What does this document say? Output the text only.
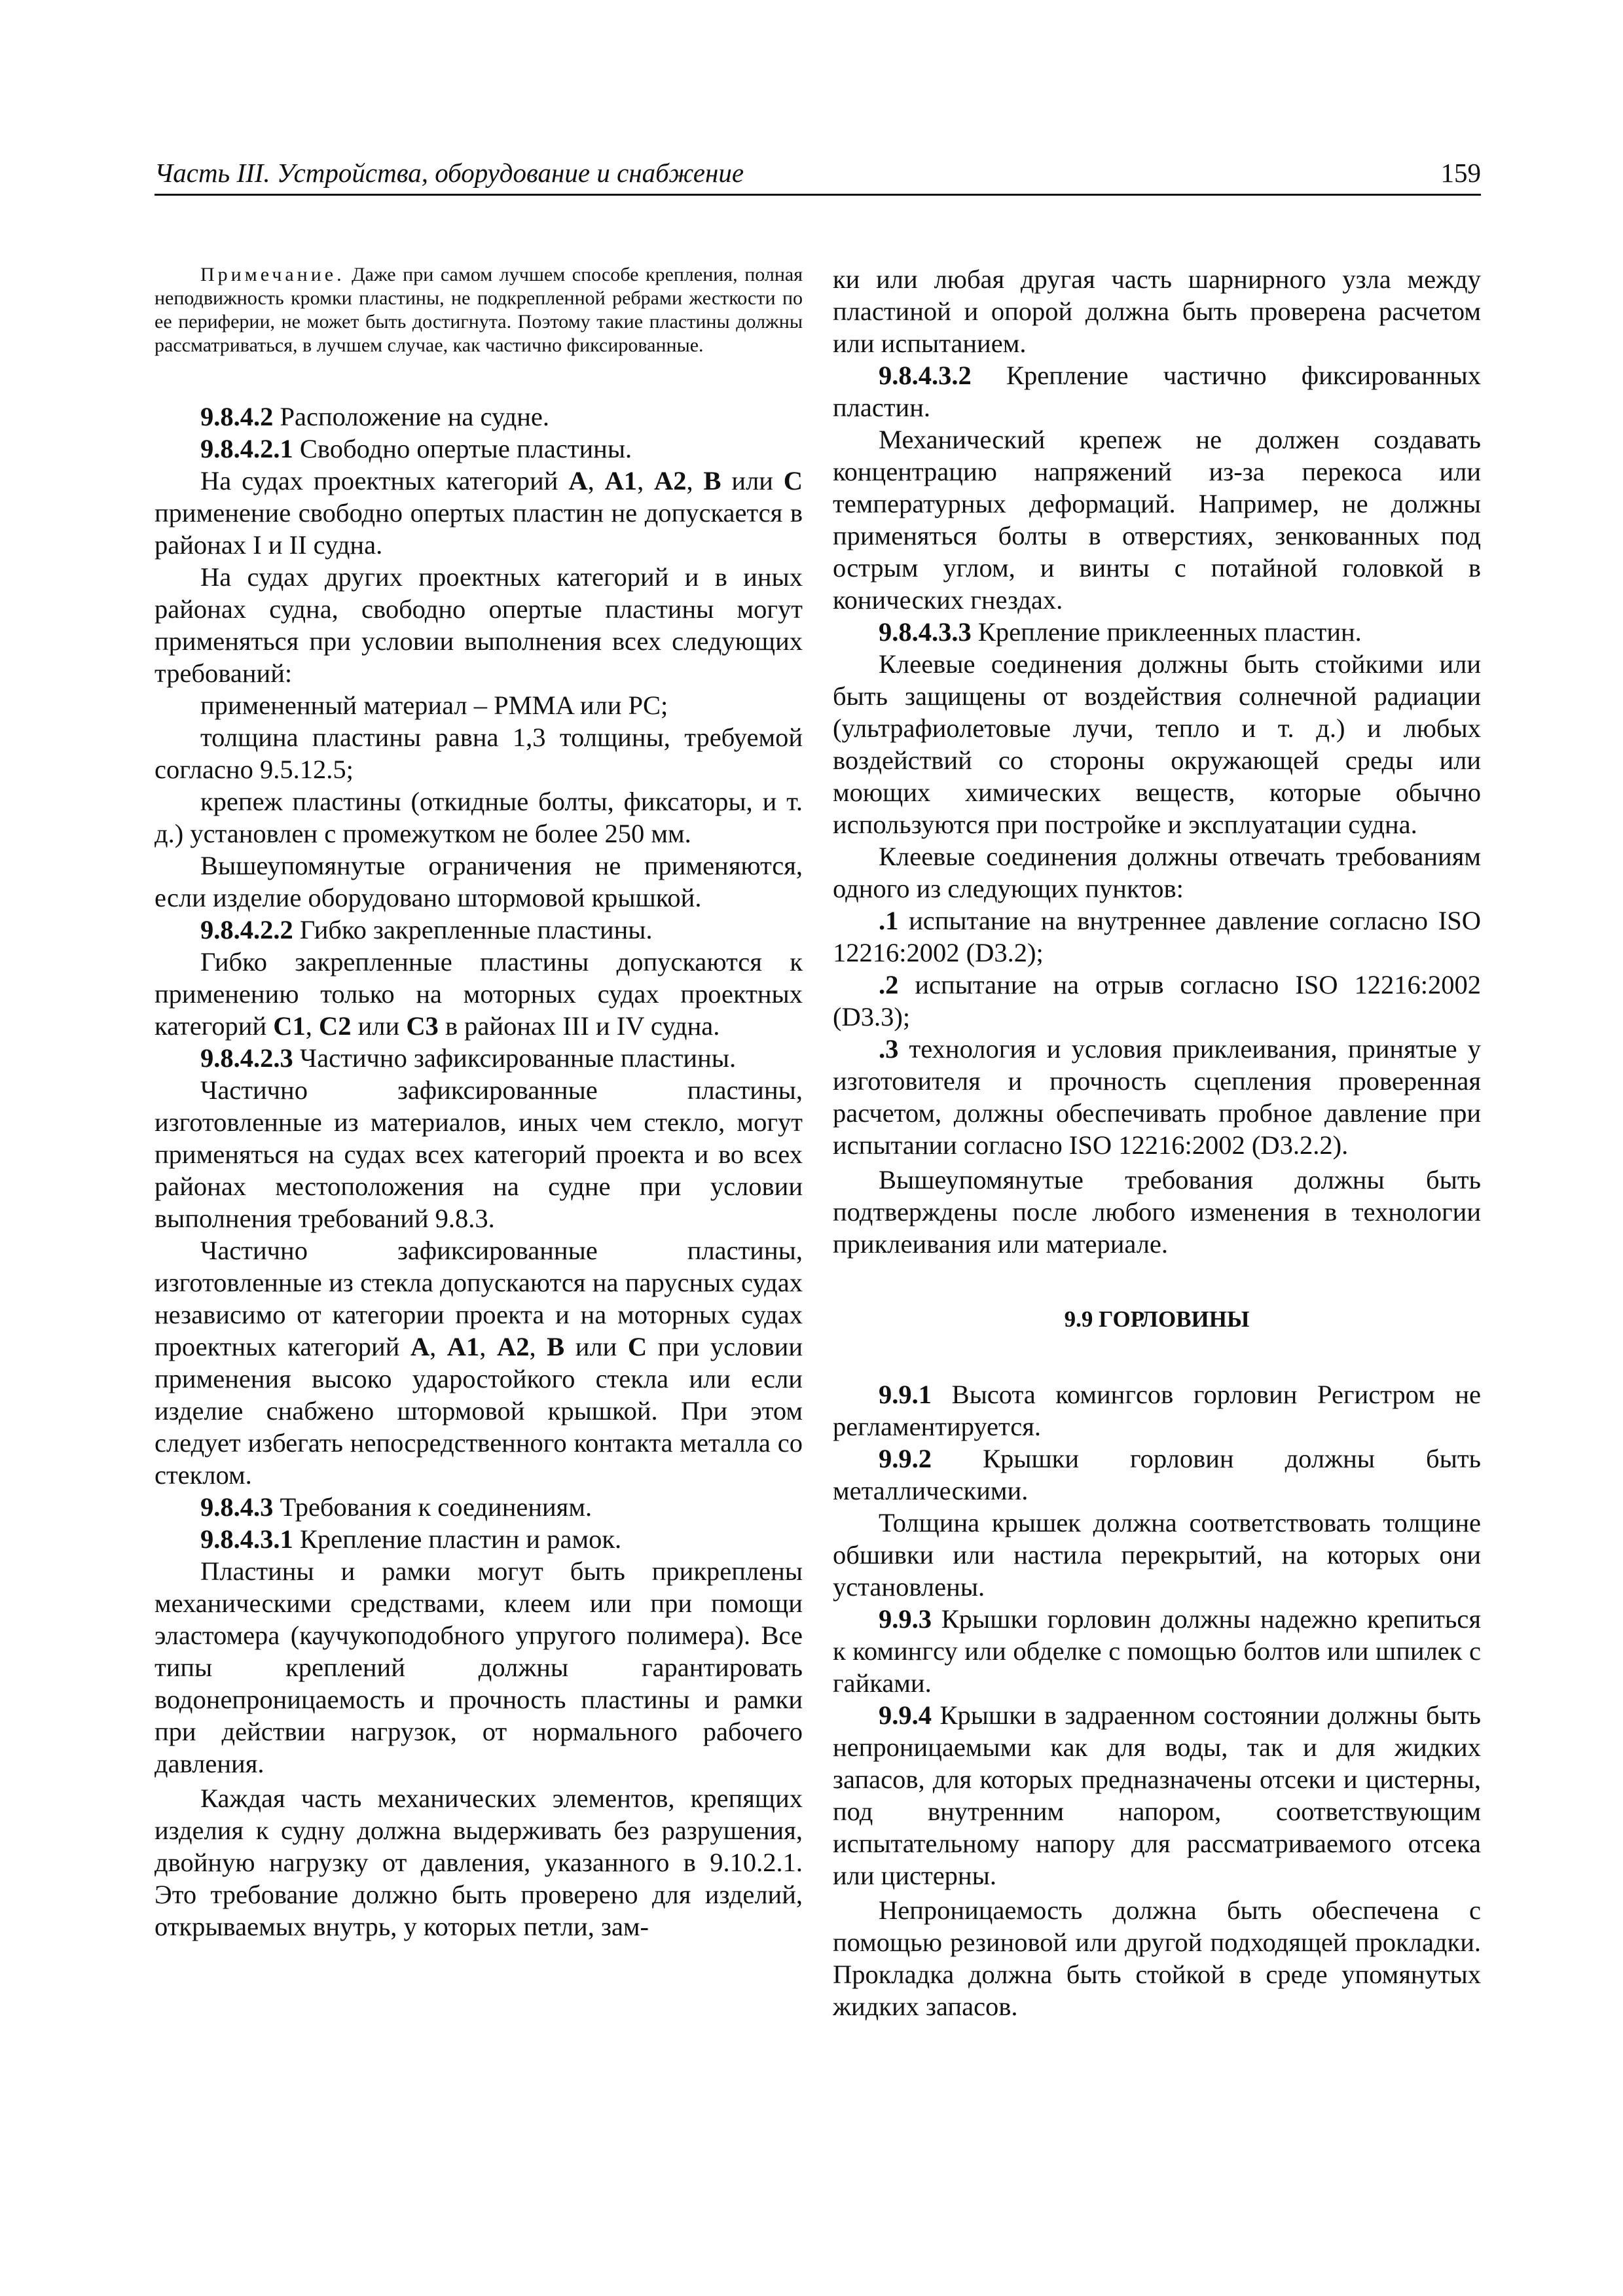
Часть III. Устройства, оборудование и снабжение	159

Примечание. Даже при самом лучшем способе крепления, полная неподвижность кромки пластины, не подкрепленной ребрами жесткости по ее периферии, не может быть достигнута. Поэтому такие пластины должны рассматриваться, в лучшем случае, как частично фиксированные.

9.8.4.2 Расположение на судне.

9.8.4.2.1 Свободно опертые пластины.

На судах проектных категорий A, A1, A2, B или C применение свободно опертых пластин не допускается в районах I и II судна.

На судах других проектных категорий и в иных районах судна, свободно опертые пластины могут применяться при условии выполнения всех следующих требований:

примененный материал – PMMA или PC;

толщина пластины равна 1,3 толщины, требуемой согласно 9.5.12.5;

крепеж пластины (откидные болты, фиксаторы, и т. д.) установлен с промежутком не более 250 мм.

Вышеупомянутые ограничения не применяются, если изделие оборудовано штормовой крышкой.

9.8.4.2.2 Гибко закрепленные пластины.

Гибко закрепленные пластины допускаются к применению только на моторных судах проектных категорий C1, C2 или C3 в районах III и IV судна.

9.8.4.2.3 Частично зафиксированные пластины.

Частично зафиксированные пластины, изготовленные из материалов, иных чем стекло, могут применяться на судах всех категорий проекта и во всех районах местоположения на судне при условии выполнения требований 9.8.3.

Частично зафиксированные пластины, изготовленные из стекла допускаются на парусных судах независимо от категории проекта и на моторных судах проектных категорий A, A1, A2, B или C при условии применения высоко ударостойкого стекла или если изделие снабжено штормовой крышкой. При этом следует избегать непосредственного контакта металла со стеклом.

9.8.4.3 Требования к соединениям.

9.8.4.3.1 Крепление пластин и рамок.

Пластины и рамки могут быть прикреплены механическими средствами, клеем или при помощи эластомера (каучукоподобного упругого полимера). Все типы креплений должны гарантировать водонепроницаемость и прочность пластины и рамки при действии нагрузок, от нормального рабочего давления.

Каждая часть механических элементов, крепящих изделия к судну должна выдерживать без разрушения, двойную нагрузку от давления, указанного в 9.10.2.1. Это требование должно быть проверено для изделий, открываемых внутрь, у которых петли, зам-

ки или любая другая часть шарнирного узла между пластиной и опорой должна быть проверена расчетом или испытанием.

9.8.4.3.2 Крепление частично фиксированных пластин.

Механический крепеж не должен создавать концентрацию напряжений из-за перекоса или температурных деформаций. Например, не должны применяться болты в отверстиях, зенкованных под острым углом, и винты с потайной головкой в конических гнездах.

9.8.4.3.3 Крепление приклеенных пластин.

Клеевые соединения должны быть стойкими или быть защищены от воздействия солнечной радиации (ультрафиолетовые лучи, тепло и т. д.) и любых воздействий со стороны окружающей среды или моющих химических веществ, которые обычно используются при постройке и эксплуатации судна.

Клеевые соединения должны отвечать требованиям одного из следующих пунктов:

.1 испытание на внутреннее давление согласно ISO 12216:2002 (D3.2);

.2 испытание на отрыв согласно ISO 12216:2002 (D3.3);

.3 технология и условия приклеивания, принятые у изготовителя и прочность сцепления проверенная расчетом, должны обеспечивать пробное давление при испытании согласно ISO 12216:2002 (D3.2.2).

Вышеупомянутые требования должны быть подтверждены после любого изменения в технологии приклеивания или материале.

9.9 ГОРЛОВИНЫ

9.9.1 Высота комингсов горловин Регистром не регламентируется.

9.9.2 Крышки горловин должны быть металлическими.

Толщина крышек должна соответствовать толщине обшивки или настила перекрытий, на которых они установлены.

9.9.3 Крышки горловин должны надежно крепиться к комингсу или обделке с помощью болтов или шпилек с гайками.

9.9.4 Крышки в задраенном состоянии должны быть непроницаемыми как для воды, так и для жидких запасов, для которых предназначены отсеки и цистерны, под внутренним напором, соответствующим испытательному напору для рассматриваемого отсека или цистерны.

Непроницаемость должна быть обеспечена с помощью резиновой или другой подходящей прокладки. Прокладка должна быть стойкой в среде упомянутых жидких запасов.
